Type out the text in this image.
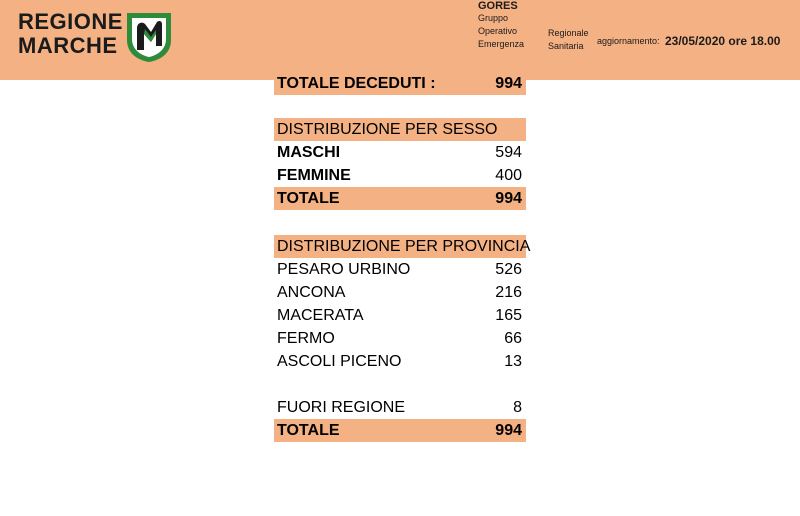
REGIONE
MARCHE
GORES
Gruppo
Operativo
Emergenza
Regionale
Sanitaria	aggiornamento: 23/05/2020 ore 18.00
TOTALE DECEDUTI :	994
DISTRIBUZIONE PER SESSO
MASCHI	594
FEMMINE	400
TOTALE	994
DISTRIBUZIONE PER PROVINCIA
PESARO URBINO	526
ANCONA	216
MACERATA	165
FERMO	66
ASCOLI PICENO	13
FUORI REGIONE	8
TOTALE	994
